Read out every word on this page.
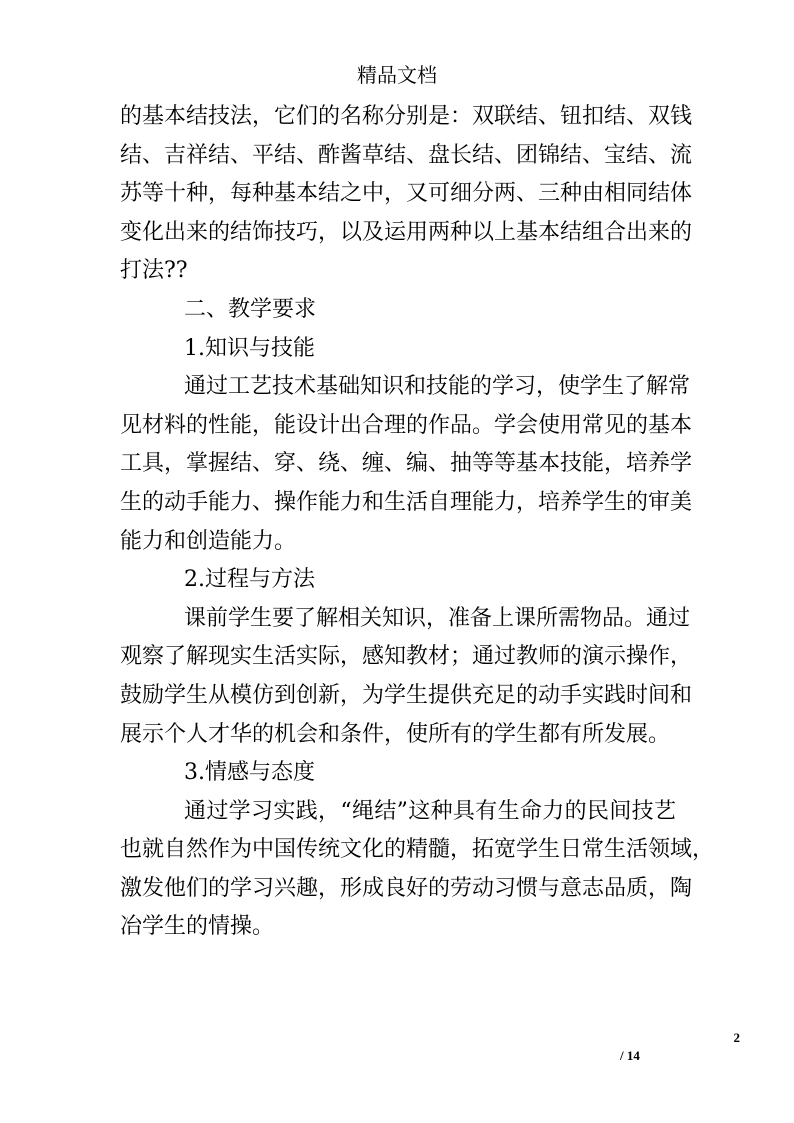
精品文档
的基本结技法，它们的名称分别是：双联结、钮扣结、双钱
结、吉祥结、平结、酢酱草结、盘长结、团锦结、宝结、流
苏等十种，每种基本结之中，又可细分两、三种由相同结体
变化出来的结饰技巧，以及运用两种以上基本结组合出来的
打法??
二、教学要求
1.知识与技能
通过工艺技术基础知识和技能的学习，使学生了解常
见材料的性能，能设计出合理的作品。学会使用常见的基本
工具，掌握结、穿、绕、缠、编、抽等等基本技能，培养学
生的动手能力、操作能力和生活自理能力，培养学生的审美
能力和创造能力。
2.过程与方法
课前学生要了解相关知识，准备上课所需物品。通过
观察了解现实生活实际，感知教材；通过教师的演示操作，
鼓励学生从模仿到创新，为学生提供充足的动手实践时间和
展示个人才华的机会和条件，使所有的学生都有所发展。
3.情感与态度
通过学习实践，“绳结”这种具有生命力的民间技艺
也就自然作为中国传统文化的精髓，拓宽学生日常生活领域，
激发他们的学习兴趣，形成良好的劳动习惯与意志品质，陶
冶学生的情操。
2
/ 14
